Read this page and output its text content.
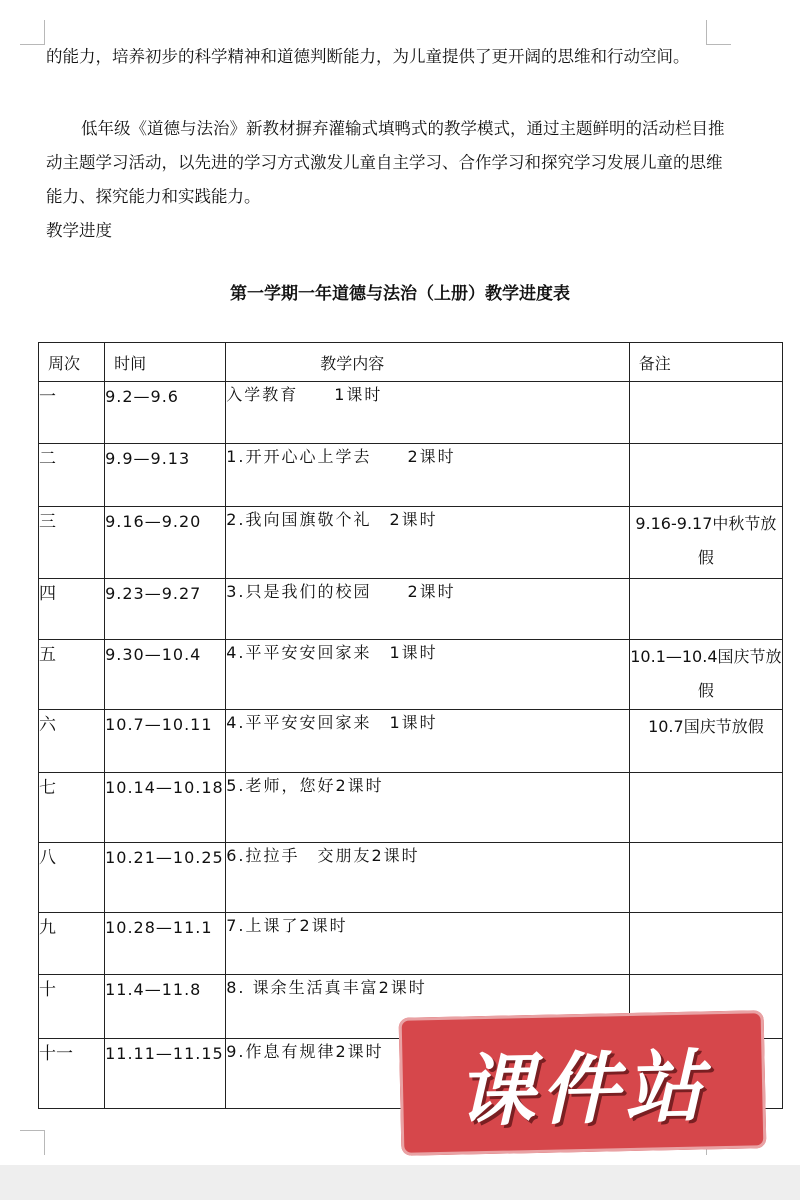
的能力，培养初步的科学精神和道德判断能力，为儿童提供了更开阔的思维和行动空间。
低年级《道德与法治》新教材摒弃灌输式填鸭式的教学模式，通过主题鲜明的活动栏目推动主题学习活动，以先进的学习方式激发儿童自主学习、合作学习和探究学习发展儿童的思维能力、探究能力和实践能力。
教学进度
第一学期一年道德与法治（上册）教学进度表
周次	时间	教学内容	备注
一	9.2—9.6	入学教育　　1课时	
二	9.9—9.13	1.开开心心上学去　　2课时	
三	9.16—9.20	2.我向国旗敬个礼　2课时	9.16-9.17中秋节放假
四	9.23—9.27	3.只是我们的校园　　2课时	
五	9.30—10.4	4.平平安安回家来　1课时	10.1—10.4国庆节放假
六	10.7—10.11	4.平平安安回家来　1课时	10.7国庆节放假
七	10.14—10.18	5.老师，您好2课时	
八	10.21—10.25	6.拉拉手　交朋友2课时	
九	10.28—11.1	7.上课了2课时	
十	11.4—11.8	8. 课余生活真丰富2课时	
十一	11.11—11.15	9.作息有规律2课时	课件站
